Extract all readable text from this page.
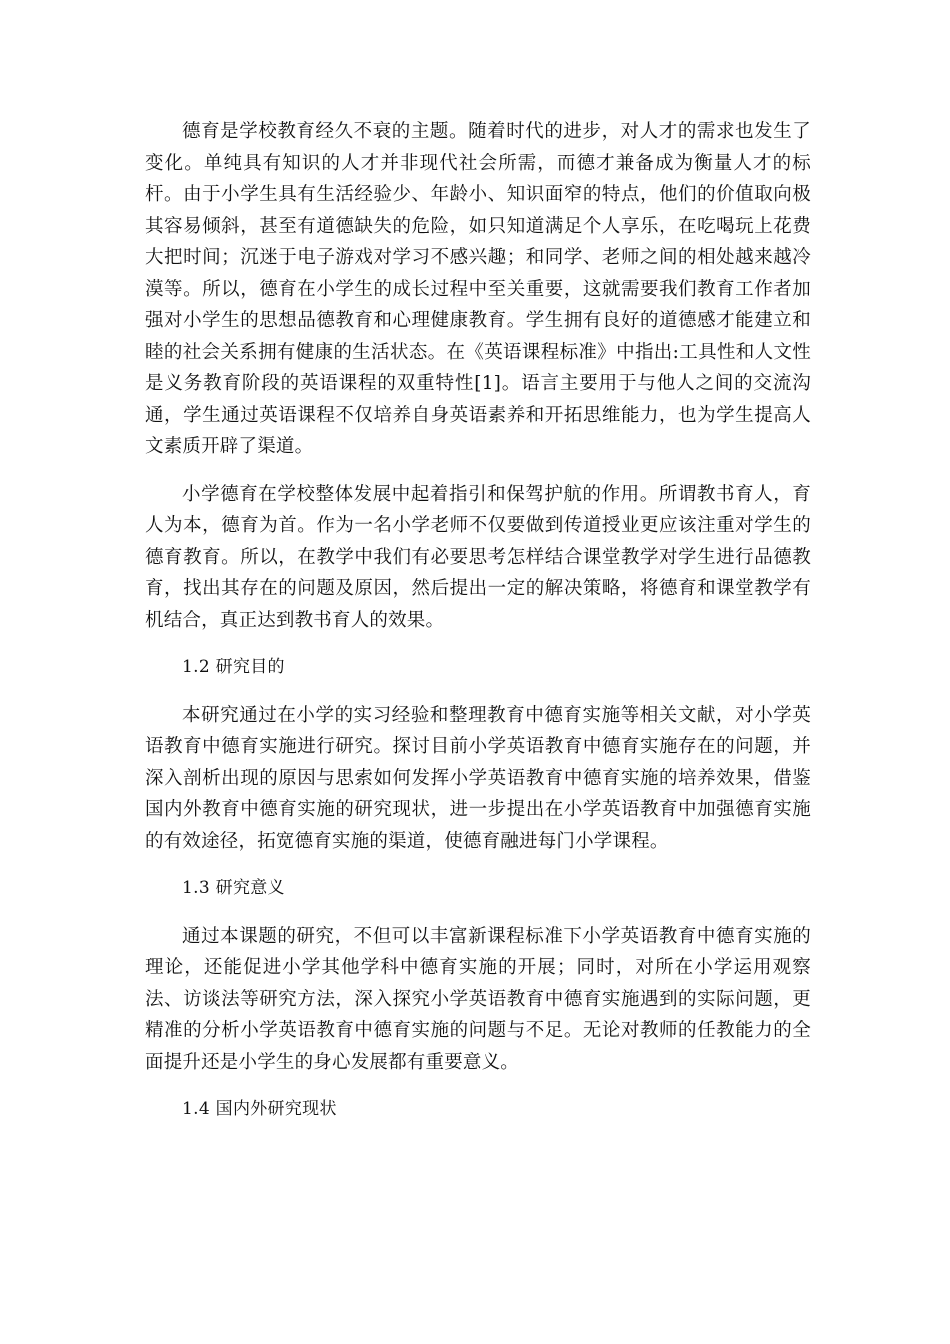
德育是学校教育经久不衰的主题。随着时代的进步，对人才的需求也发生了变化。单纯具有知识的人才并非现代社会所需，而德才兼备成为衡量人才的标杆。由于小学生具有生活经验少、年龄小、知识面窄的特点，他们的价值取向极其容易倾斜，甚至有道德缺失的危险，如只知道满足个人享乐，在吃喝玩上花费大把时间；沉迷于电子游戏对学习不感兴趣；和同学、老师之间的相处越来越冷漠等。所以，德育在小学生的成长过程中至关重要，这就需要我们教育工作者加强对小学生的思想品德教育和心理健康教育。学生拥有良好的道德感才能建立和睦的社会关系拥有健康的生活状态。在《英语课程标准》中指出:工具性和人文性是义务教育阶段的英语课程的双重特性[1]。语言主要用于与他人之间的交流沟通，学生通过英语课程不仅培养自身英语素养和开拓思维能力，也为学生提高人文素质开辟了渠道。

小学德育在学校整体发展中起着指引和保驾护航的作用。所谓教书育人，育人为本，德育为首。作为一名小学老师不仅要做到传道授业更应该注重对学生的德育教育。所以，在教学中我们有必要思考怎样结合课堂教学对学生进行品德教育，找出其存在的问题及原因，然后提出一定的解决策略，将德育和课堂教学有机结合，真正达到教书育人的效果。

1.2 研究目的

本研究通过在小学的实习经验和整理教育中德育实施等相关文献，对小学英语教育中德育实施进行研究。探讨目前小学英语教育中德育实施存在的问题，并深入剖析出现的原因与思索如何发挥小学英语教育中德育实施的培养效果，借鉴国内外教育中德育实施的研究现状，进一步提出在小学英语教育中加强德育实施的有效途径，拓宽德育实施的渠道，使德育融进每门小学课程。

1.3 研究意义

通过本课题的研究，不但可以丰富新课程标准下小学英语教育中德育实施的理论，还能促进小学其他学科中德育实施的开展；同时，对所在小学运用观察法、访谈法等研究方法，深入探究小学英语教育中德育实施遇到的实际问题，更精准的分析小学英语教育中德育实施的问题与不足。无论对教师的任教能力的全面提升还是小学生的身心发展都有重要意义。

1.4 国内外研究现状
